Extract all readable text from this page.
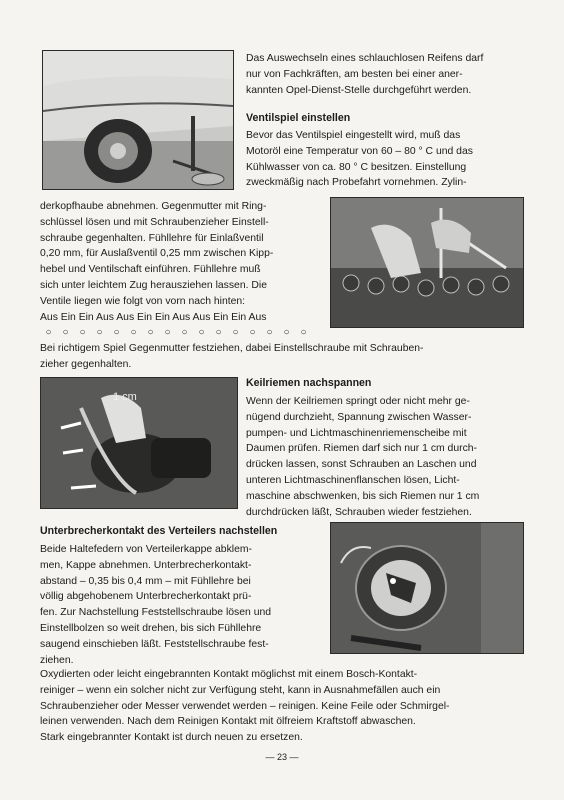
Das Auswechseln eines schlauchlosen Reifens darf

nur von Fachkräften, am besten bei einer aner-

kannten Opel-Dienst-Stelle durchgeführt werden.

Ventilspiel einstellen

Bevor das Ventilspiel eingestellt wird, muß das

Motoröl eine Temperatur von 60 – 80 ° C und das

Kühlwasser von ca. 80 ° C besitzen. Einstellung

zweckmäßig nach Probefahrt vornehmen. Zylin-

derkopfhaube abnehmen. Gegenmutter mit Ring-

schlüssel lösen und mit Schraubenzieher Einstell-

schraube gegenhalten. Fühllehre für Einlaßventil

0,20 mm, für Auslaßventil 0,25 mm zwischen Kipp-

hebel und Ventilschaft einführen. Fühllehre muß

sich unter leichtem Zug herausziehen lassen. Die

Ventile liegen wie folgt von vorn nach hinten:

Aus Ein Ein Aus Aus Ein Ein Aus Aus Ein Ein Aus

○ ○ ○ ○ ○ ○ ○ ○ ○ ○ ○ ○ ○ ○ ○ ○

Bei richtigem Spiel Gegenmutter festziehen, dabei Einstellschraube mit Schrauben-

zieher gegenhalten.

1 cm
Keilriemen nachspannen

Wenn der Keilriemen springt oder nicht mehr ge-

nügend durchzieht, Spannung zwischen Wasser-

pumpen- und Lichtmaschinenriemenscheibe mit

Daumen prüfen. Riemen darf sich nur 1 cm durch-

drücken lassen, sonst Schrauben an Laschen und

unteren Lichtmaschinenflanschen lösen, Licht-

maschine abschwenken, bis sich Riemen nur 1 cm

durchdrücken läßt, Schrauben wieder festziehen.

Unterbrecherkontakt des Verteilers nachstellen

Beide Haltefedern von Verteilerkappe abklem-

men, Kappe abnehmen. Unterbrecherkontakt-

abstand – 0,35 bis 0,4 mm – mit Fühllehre bei

völlig abgehobenem Unterbrecherkontakt prü-

fen. Zur Nachstellung Feststellschraube lösen und

Einstellbolzen so weit drehen, bis sich Fühllehre

saugend einschieben läßt. Feststellschraube fest-

ziehen.

Oxydierten oder leicht eingebrannten Kontakt möglichst mit einem Bosch-Kontakt-

reiniger – wenn ein solcher nicht zur Verfügung steht, kann in Ausnahmefällen auch ein

Schraubenzieher oder Messer verwendet werden – reinigen. Keine Feile oder Schmirgel-

leinen verwenden. Nach dem Reinigen Kontakt mit ölfreiem Kraftstoff abwaschen.

Stark eingebrannter Kontakt ist durch neuen zu ersetzen.

— 23 —
